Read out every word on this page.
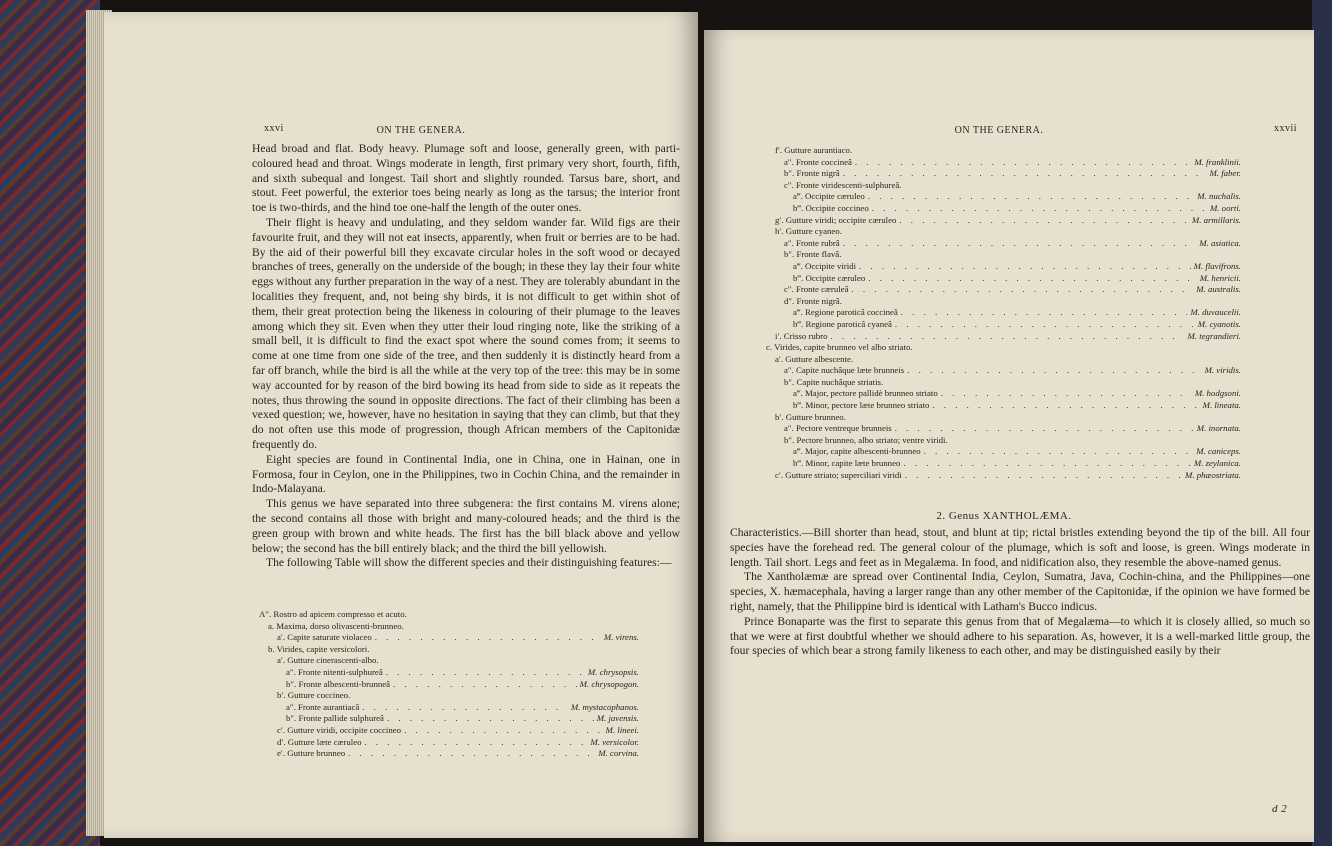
xxvi	ON THE GENERA.

Head broad and flat. Body heavy. Plumage soft and loose, generally green, with parti-coloured head and throat. Wings moderate in length, first primary very short, fourth, fifth, and sixth subequal and longest. Tail short and slightly rounded. Tarsus bare, short, and stout. Feet powerful, the exterior toes being nearly as long as the tarsus; the interior front toe is two-thirds, and the hind toe one-half the length of the outer ones.

Their flight is heavy and undulating, and they seldom wander far. Wild figs are their favourite fruit, and they will not eat insects, apparently, when fruit or berries are to be had. By the aid of their powerful bill they excavate circular holes in the soft wood or decayed branches of trees, generally on the underside of the bough; in these they lay their four white eggs without any further preparation in the way of a nest. They are tolerably abundant in the localities they frequent, and, not being shy birds, it is not difficult to get within shot of them, their great protection being the likeness in colouring of their plumage to the leaves among which they sit. Even when they utter their loud ringing note, like the striking of a small bell, it is difficult to find the exact spot where the sound comes from; it seems to come at one time from one side of the tree, and then suddenly it is distinctly heard from a far off branch, while the bird is all the while at the very top of the tree: this may be in some way accounted for by reason of the bird bowing its head from side to side as it repeats the notes, thus throwing the sound in opposite directions. The fact of their climbing has been a vexed question; we, however, have no hesitation in saying that they can climb, but that they do not often use this mode of progression, though African members of the Capitonidæ frequently do.

Eight species are found in Continental India, one in China, one in Hainan, one in Formosa, four in Ceylon, one in the Philippines, two in Cochin China, and the remainder in Indo-Malayana.

This genus we have separated into three subgenera: the first contains M. virens alone; the second contains all those with bright and many-coloured heads; and the third is the green group with brown and white heads. The first has the bill black above and yellow below; the second has the bill entirely black; and the third the bill yellowish.

The following Table will show the different species and their distinguishing features:—

A″. Rostro ad apicem compresso et acuto.
a. Maxima, dorso olivascenti-brunneo.
a′. Capite saturate violaceo . . .	M. virens.
b. Virides, capite versicolori.
a′. Gutture cinerascenti-albo.
a″. Fronte nitenti-sulphureâ . . .	M. chrysopsis.
b″. Fronte albescenti-brunneâ . . .	M. chrysopogon.
b′. Gutture coccineo.
a″. Fronte aurantiacâ . . .	M. mystacophanos.
b″. Fronte pallide sulphureâ . . .	M. javensis.
c′. Gutture viridi, occipite coccineo . . .	M. lineei.
d′. Gutture læte cæruleo . . .	M. versicolor.
e′. Gutture brunneo . . .	M. corvina.
ON THE GENERA.	xxvii
f′. Gutture aurantiaco.
a″. Fronte coccineâ . . .	M. franklinii.
b″. Fronte nigrâ . . .	M. faber.
c″. Fronte viridescenti-sulphureâ.
a‴. Occipite cæruleo . . .	M. nuchalis.
b‴. Occipite coccineo . . .	M. oorti.
g′. Gutture viridi; occipite cæruleo . . .	M. armillaris.
h′. Gutture cyaneo.
a″. Fronte rubrâ . . .	M. asiatica.
b″. Fronte flavâ.
a‴. Occipite viridi . . .	M. flavifrons.
b‴. Occipite cæruleo . . .	M. henricii.
c″. Fronte cæruleâ . . .	M. australis.
d″. Fronte nigrâ.
a‴. Regione paroticâ coccineâ . . .	M. duvaucelii.
b‴. Regione paroticâ cyaneâ . . .	M. cyanotis.
i′. Crisso rubro . . .	M. tegrandieri.
c. Virides, capite brunneo vel albo striato.
a′. Gutture albescente.
a″. Capite nuchâque læte brunneis . . .	M. viridis.
b″. Capite nuchâque striatis.
a‴. Major, pectore pallidè brunneo striato . . .	M. hodgsoni.
b‴. Minor, pectore læte brunneo striato . . .	M. lineata.
b′. Gutture brunneo.
a″. Pectore ventreque brunneis . . .	M. inornata.
b″. Pectore brunneo, albo striato; ventre viridi.
a‴. Major, capite albescenti-brunneo . . .	M. caniceps.
b‴. Minor, capite læte brunneo . . .	M. zeylanica.
c′. Gutture striato; superciliari viridi . . .	M. phæostriata.
2. Genus XANTHOLÆMA.

Characteristics.—Bill shorter than head, stout, and blunt at tip; rictal bristles extending beyond the tip of the bill. All four species have the forehead red. The general colour of the plumage, which is soft and loose, is green. Wings moderate in length. Tail short. Legs and feet as in Megalæma. In food, and nidification also, they resemble the above-named genus.

The Xantholæmæ are spread over Continental India, Ceylon, Sumatra, Java, Cochin-china, and the Philippines—one species, X. hæmacephala, having a larger range than any other member of the Capitonidæ, if the opinion we have formed be right, namely, that the Philippine bird is identical with Latham's Bucco indicus.

Prince Bonaparte was the first to separate this genus from that of Megalæma—to which it is closely allied, so much so that we were at first doubtful whether we should adhere to his separation. As, however, it is a well-marked little group, the four species of which bear a strong family likeness to each other, and may be distinguished easily by their

d 2
